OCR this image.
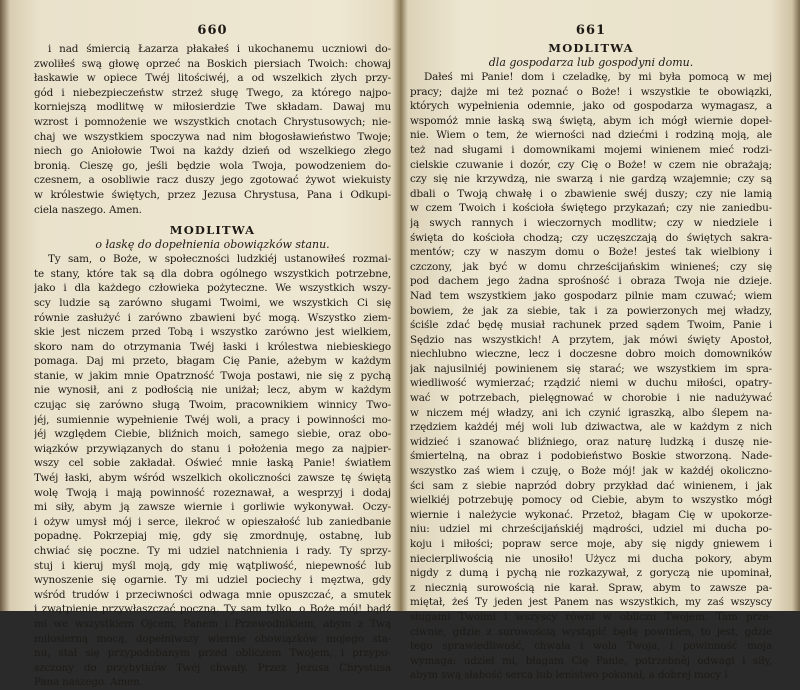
660
i nad śmiercią Łazarza płakałeś i ukochanemu uczniowi do-
zwoliłeś swą głowę oprzeć na Boskich piersiach Twoich: chowaj
łaskawie w opiece Twéj litościwéj, a od wszelkich złych przy-
gód i niebezpieczeństw strzeż sługę Twego, za którego najpo-
korniejszą modlitwę w miłosierdzie Twe składam. Dawaj mu
wzrost i pomnożenie we wszystkich cnotach Chrystusowych; nie-
chaj we wszystkiem spoczywa nad nim błogosławieństwo Twoje;
niech go Aniołowie Twoi na każdy dzień od wszelkiego złego
bronią. Cieszę go, jeśli będzie wola Twoja, powodzeniem do-
czesnem, a osobliwie racz duszy jego zgotować żywot wiekuisty
w królestwie świętych, przez Jezusa Chrystusa, Pana i Odkupi-
ciela naszego. Amen.
MODLITWA
o łaskę do dopełnienia obowiązków stanu.
Ty sam, o Boże, w społeczności ludzkiéj ustanowiłeś rozmai-
te stany, które tak są dla dobra ogólnego wszystkich potrzebne,
jako i dla każdego człowieka pożyteczne. We wszystkich wszy-
scy ludzie są zarówno sługami Twoimi, we wszystkich Ci się
równie zasłużyć i zarówno zbawieni być mogą. Wszystko ziem-
skie jest niczem przed Tobą i wszystko zarówno jest wielkiem,
skoro nam do otrzymania Twéj łaski i królestwa niebieskiego
pomaga. Daj mi przeto, błagam Cię Panie, ażebym w każdym
stanie, w jakim mnie Opatrzność Twoja postawi, nie się z pychą
nie wynosił, ani z podłością nie uniżał; lecz, abym w każdym
czując się zarówno sługą Twoim, pracownikiem winnicy Two-
jéj, sumiennie wypełnienie Twéj woli, a pracy i powinności mo-
jéj względem Ciebie, bliźnich moich, samego siebie, oraz obo-
wiązków przywiązanych do stanu i położenia mego za najpier-
wszy cel sobie zakładał. Oświeć mnie łaską Panie! światłem
Twéj łaski, abym wśród wszelkich okoliczności zawsze tę świętą
wolę Twoją i mają powinność rozeznawał, a wesprzyj i dodaj
mi siły, abym ją zawsze wiernie i gorliwie wykonywał. Oczy-
i ożyw umysł mój i serce, ilekroć w opieszałość lub zaniedbanie
popadnę. Pokrzepiaj mię, gdy się zmordnuję, ostabnę, lub
chwiać się poczne. Ty mi udziel natchnienia i rady. Ty sprzy-
stuj i kieruj myśl moją, gdy mię wątpliwość, niepewność lub
wynoszenie się ogarnie. Ty mi udziel pociechy i męztwa, gdy
wśród trudów i przeciwności odwaga mnie opuszczać, a smutek
i zwątpienie przywłaszczać poczną. Ty sam tylko, o Boże mój! bądź
mi we wszystkiem Ojcem, Panem i Przewodnikiem, abym z Twą
miłosierną mocą, dopełniwszy wiernie obowiązków mojego sta-
nu, stał się przypodobanym przed obliczem Twojem, i przypu-
szczony do przybytków Twéj chwały. Przez Jezusa Chrystusa
Pana naszego. Amen.
661
MODLITWA
dla gospodarza lub gospodyni domu.
Dałeś mi Panie! dom i czeladkę, by mi była pomocą w mej
pracy; dajże mi też poznać o Boże! i wszystkie te obowiązki,
których wypełnienia odemnie, jako od gospodarza wymagasz, a
wspomóż mnie łaską swą świętą, abym ich mógł wiernie dopeł-
nie. Wiem o tem, że wierności nad dziećmi i rodziną moją, ale
też nad sługami i domownikami mojemi winienem mieć rodzi-
cielskie czuwanie i dozór, czy Cię o Boże! w czem nie obrażają;
czy się nie krzywdzą, nie swarzą i nie gardzą wzajemnie; czy są
dbali o Twoją chwałę i o zbawienie swéj duszy; czy nie lamią
w czem Twoich i kościoła świętego przykazań; czy nie zaniedbu-
ją swych rannych i wieczornych modlitw; czy w niedziele i
święta do kościoła chodzą; czy uczęszczają do świętych sakra-
mentów; czy w naszym domu o Boże! jesteś tak wielbiony i
czczony, jak być w domu chrześcijańskim winieneś; czy się
pod dachem jego żadna sprośność i obraza Twoja nie dzieje.
Nad tem wszystkiem jako gospodarz pilnie mam czuwać; wiem
bowiem, że jak za siebie, tak i za powierzonych mej władzy,
ściśle zdać będę musiał rachunek przed sądem Twoim, Panie i
Sędzio nas wszystkich! A przytem, jak mówi święty Apostoł,
niechlubno wieczne, lecz i doczesne dobro moich domowników
jak najusilniéj powinienem się starać; we wszystkiem im spra-
wiedliwość wymierzać; rządzić niemi w duchu miłości, opatry-
wać w potrzebach, pielęgnować w chorobie i nie nadużywać
w niczem méj władzy, ani ich czynić igraszką, albo ślepem na-
rzędziem każdéj méj woli lub dziwactwa, ale w każdym z nich
widzieć i szanować bliźniego, oraz naturę ludzką i duszę nie-
śmiertelną, na obraz i podobieństwo Boskie stworzoną. Nade-
wszystko zaś wiem i czuję, o Boże mój! jak w każdéj okoliczno-
ści sam z siebie naprzód dobry przykład dać winienem, i jak
wielkiéj potrzebuję pomocy od Ciebie, abym to wszystko mógł
wiernie i należycie wykonać. Przetoż, błagam Cię w upokorze-
niu: udziel mi chrześcijańskiéj mądrości, udziel mi ducha po-
koju i miłości; popraw serce moje, aby się nigdy gniewem i
niecierpliwością nie unosiło! Użycz mi ducha pokory, abym
nigdy z dumą i pychą nie rozkazywał, z goryczą nie upominał,
z niecznią surowością nie karał. Spraw, abym to zawsze pa-
miętał, żeś Ty jeden jest Panem nas wszystkich, my zaś wszyscy
sługami Twoimi i wszyscy równi w obliczu Twojem. Tam prze-
ciwnie, gdzie z surowością wystąpić będę powinien, to jest, gdzie
tego sprawiedliwość, chwała i wola Twoja, i powinność moja
wymaga: udziel mi, błagam Cię Panie, potrzebnéj odwagi i siły,
abym swą słabość serca lub lenistwo pokonał, a dobrej mocy i
